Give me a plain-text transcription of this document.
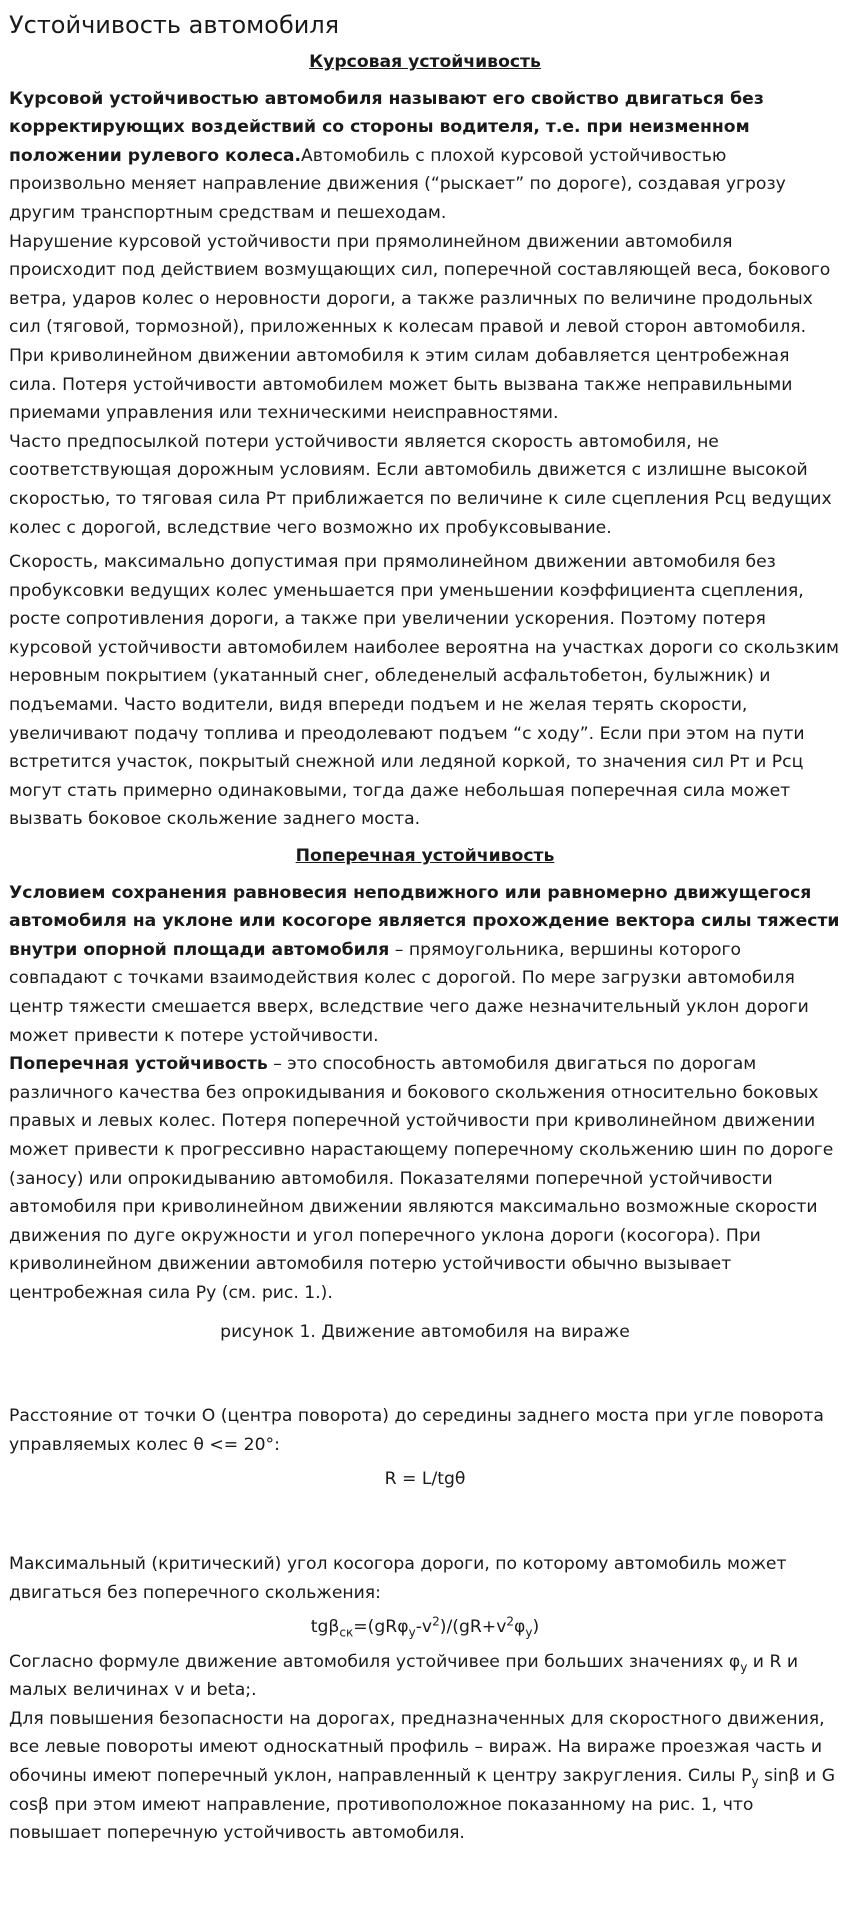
Устойчивость автомобиля
Курсовая устойчивость

Курсовой устойчивостью автомобиля называют его свойство двигаться без корректирующих воздействий со стороны водителя, т.е. при неизменном положении рулевого колеса.Автомобиль с плохой курсовой устойчивостью произвольно меняет направление движения (“рыскает” по дороге), создавая угрозу другим транспортным средствам и пешеходам.

Нарушение курсовой устойчивости при прямолинейном движении автомобиля происходит под действием возмущающих сил, поперечной составляющей веса, бокового ветра, ударов колес о неровности дороги, а также различных по величине продольных сил (тяговой, тормозной), приложенных к колесам правой и левой сторон автомобиля. При криволинейном движении автомобиля к этим силам добавляется центробежная сила. Потеря устойчивости автомобилем может быть вызвана также неправильными приемами управления или техническими неисправностями.

Часто предпосылкой потери устойчивости является скорость автомобиля, не соответствующая дорожным условиям. Если автомобиль движется с излишне высокой скоростью, то тяговая сила Рт приближается по величине к силе сцепления Рсц ведущих колес с дорогой, вследствие чего возможно их пробуксовывание.

Скорость, максимально допустимая при прямолинейном движении автомобиля без пробуксовки ведущих колес уменьшается при уменьшении коэффициента сцепления, росте сопротивления дороги, а также при увеличении ускорения. Поэтому потеря курсовой устойчивости автомобилем наиболее вероятна на участках дороги со скользким неровным покрытием (укатанный снег, обледенелый асфальтобетон, булыжник) и подъемами. Часто водители, видя впереди подъем и не желая терять скорости, увеличивают подачу топлива и преодолевают подъем “с ходу”. Если при этом на пути встретится участок, покрытый снежной или ледяной коркой, то значения сил Рт и Рсц могут стать примерно одинаковыми, тогда даже небольшая поперечная сила может вызвать боковое скольжение заднего моста.

Поперечная устойчивость

Условием сохранения равновесия неподвижного или равномерно движущегося автомобиля на уклоне или косогоре является прохождение вектора силы тяжести внутри опорной площади автомобиля – прямоугольника, вершины которого совпадают с точками взаимодействия колес с дорогой. По мере загрузки автомобиля центр тяжести смешается вверх, вследствие чего даже незначительный уклон дороги может привести к потере устойчивости.

Поперечная устойчивость – это способность автомобиля двигаться по дорогам различного качества без опрокидывания и бокового скольжения относительно боковых правых и левых колес. Потеря поперечной устойчивости при криволинейном движении может привести к прогрессивно нарастающему поперечному скольжению шин по дороге (заносу) или опрокидыванию автомобиля. Показателями поперечной устойчивости автомобиля при криволинейном движении являются максимально возможные скорости движения по дуге окружности и угол поперечного уклона дороги (косогора). При криволинейном движении автомобиля потерю устойчивости обычно вызывает центробежная сила Ру (см. рис. 1.).

рисунок 1. Движение автомобиля на вираже

Расстояние от точки О (центра поворота) до середины заднего моста при угле поворота управляемых колес θ <= 20°:

R = L/tgθ

Максимальный (критический) угол косогора дороги, по которому автомобиль может двигаться без поперечного скольжения:

$tg\beta_{ск}=(gR\varphi_у-v^2)/(gR+v^2\varphi_у)$

Согласно формуле движение автомобиля устойчивее при больших значениях $\varphi_у$ и R и малых величинах v и beta;.

Для повышения безопасности на дорогах, предназначенных для скоростного движения, все левые повороты имеют односкатный профиль – вираж. На вираже проезжая часть и обочины имеют поперечный уклон, направленный к центру закругления. Силы $P_у$ sinβ и G cosβ при этом имеют направление, противоположное показанному на рис. 1, что повышает поперечную устойчивость автомобиля.
